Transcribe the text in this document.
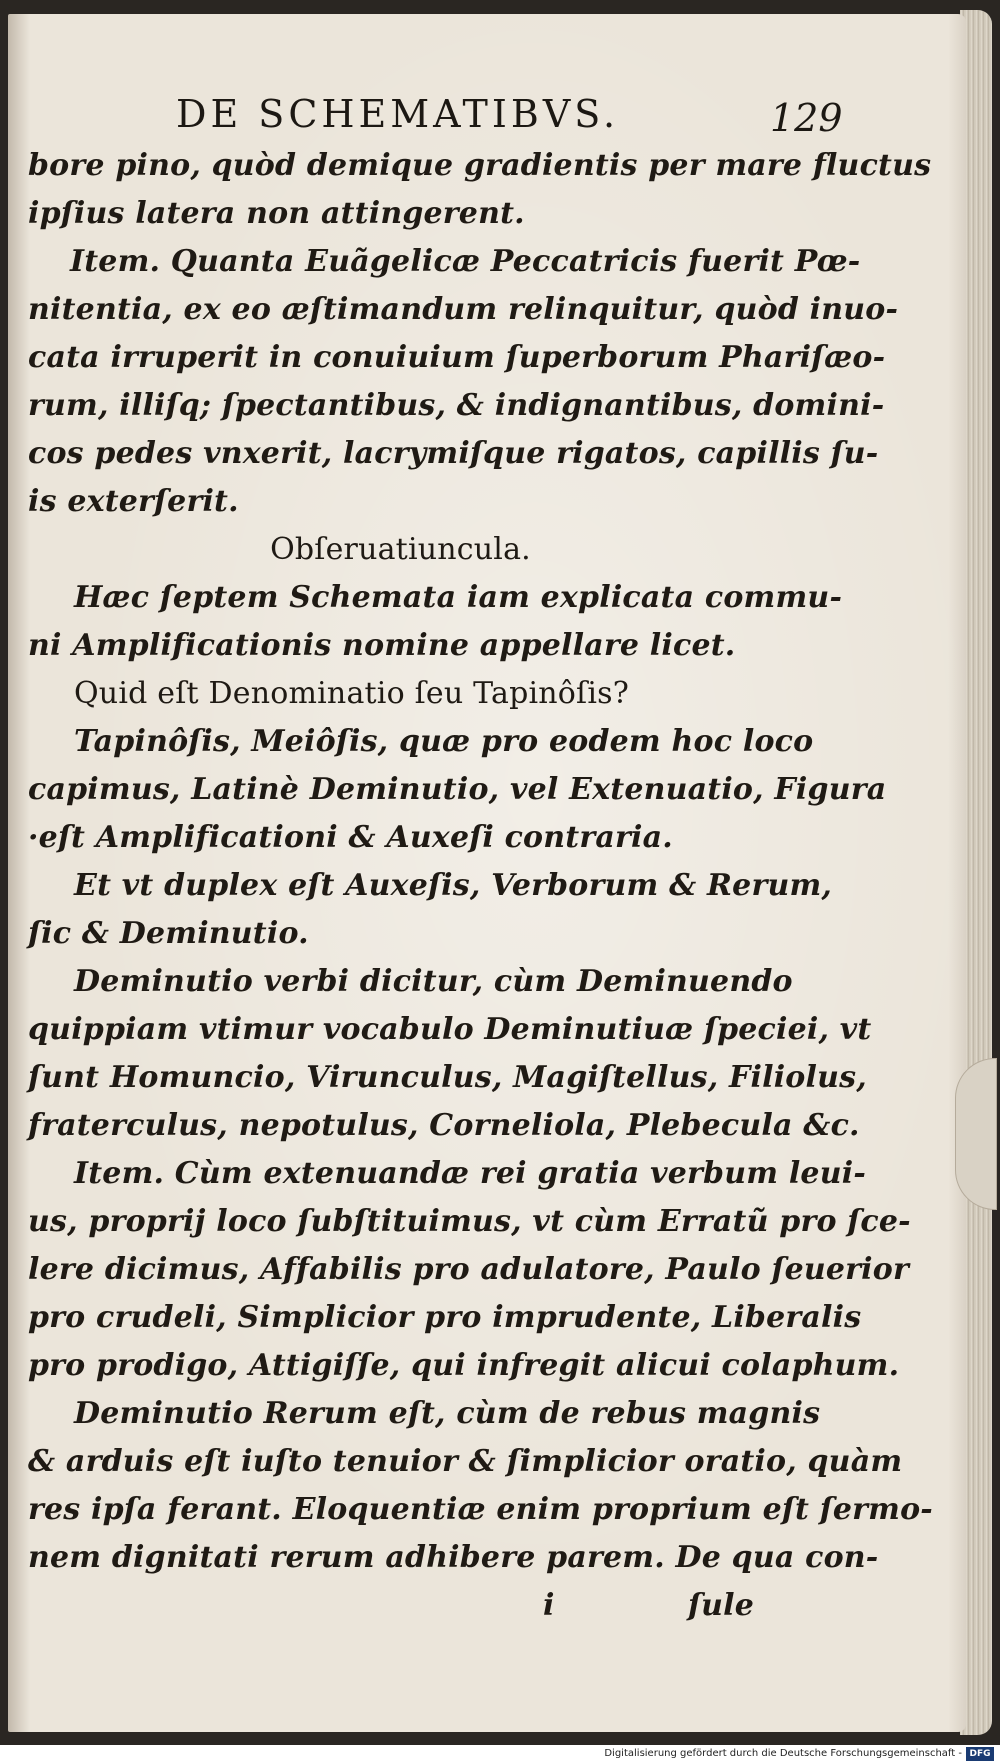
DE SCHEMATIBVS.	129
bore pino, quòd demique gradientis per mare fluctus
ipſius latera non attingerent.
Item. Quanta Euãgelicæ Peccatricis fuerit Pœ-
nitentia, ex eo æſtimandum relinquitur, quòd inuo-
cata irruperit in conuiuium ſuperborum Phariſæo-
rum, illiſq; ſpectantibus, & indignantibus, domini-
cos pedes vnxerit, lacrymiſque rigatos, capillis ſu-
is exterſerit.
Obſeruatiuncula.
Hæc ſeptem Schemata iam explicata commu-
ni Amplificationis nomine appellare licet.
Quid eſt Denominatio ſeu Tapinôſis?
Tapinôſis, Meiôſis, quæ pro eodem hoc loco
capimus, Latinè Deminutio, vel Extenuatio, Figura
·eſt Amplificationi & Auxeſi contraria.
Et vt duplex eſt Auxeſis, Verborum & Rerum,
ſic & Deminutio.
Deminutio verbi dicitur, cùm Deminuendo
quippiam vtimur vocabulo Deminutiuæ ſpeciei, vt
ſunt Homuncio, Virunculus, Magiſtellus, Filiolus,
fraterculus, nepotulus, Corneliola, Plebecula &c.
Item. Cùm extenuandæ rei gratia verbum leui-
us, proprij loco ſubſtituimus, vt cùm Erratũ pro ſce-
lere dicimus, Affabilis pro adulatore, Paulo ſeuerior
pro crudeli, Simplicior pro imprudente, Liberalis
pro prodigo, Attigiſſe, qui infregit alicui colaphum.
Deminutio Rerum eſt, cùm de rebus magnis
& arduis eſt iuſto tenuior & ſimplicior oratio, quàm
res ipſa ferant. Eloquentiæ enim proprium eſt ſermo-
nem dignitati rerum adhibere parem. De qua con-
i	ſule
Digitalisierung gefördert durch die Deutsche Forschungsgemeinschaft - DFG
